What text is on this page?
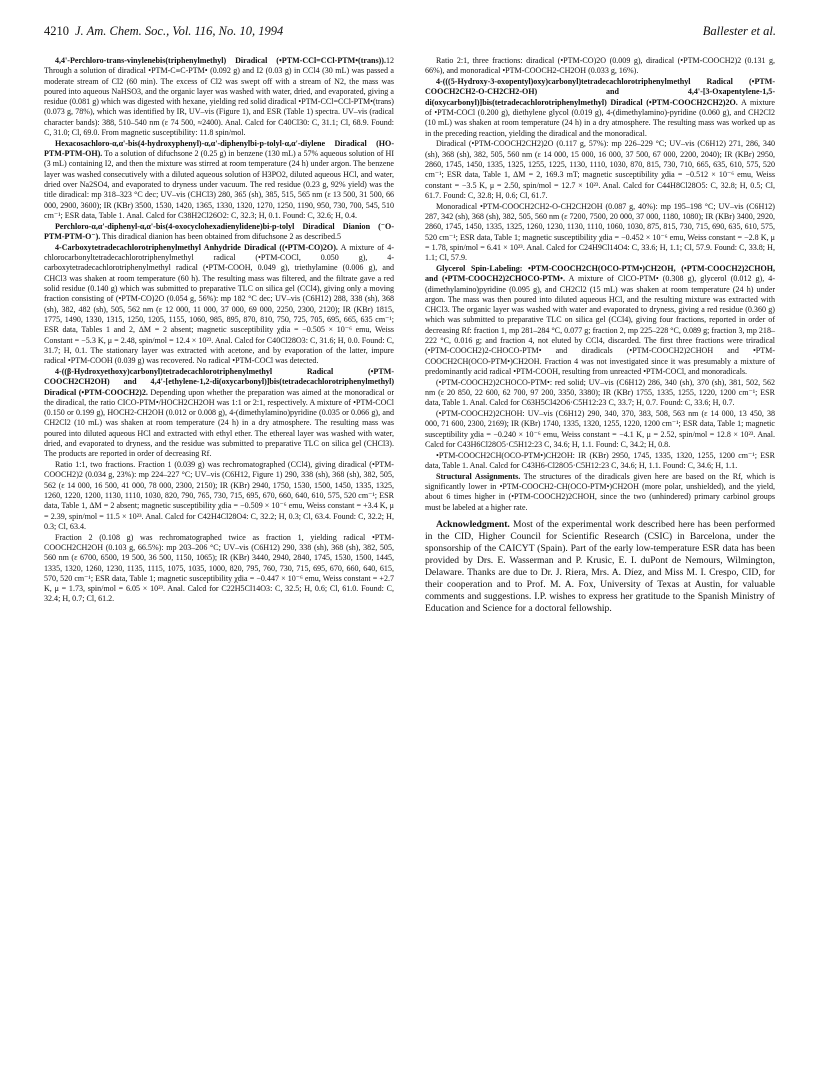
4210 J. Am. Chem. Soc., Vol. 116, No. 10, 1994	Ballester et al.

4,4'-Perchloro-trans-vinylenebis(triphenylmethyl) Diradical (•PTM-CCl=CCl-PTM•(trans)).12 Through a solution of diradical •PTM-C≡C-PTM• (0.092 g) and I2 (0.03 g) in CCl4 (30 mL) was passed a moderate stream of Cl2 (60 min). The excess of Cl2 was swept off with a stream of N2, the mass was poured into aqueous NaHSO3, and the organic layer was washed with water, dried, and evaporated, giving a residue (0.081 g) which was digested with hexane, yielding red solid diradical •PTM-CCl=CCl-PTM•(trans) (0.073 g, 78%), which was identified by IR, UV–vis (Figure 1), and ESR (Table 1) spectra. UV–vis (radical character bands): 388, 510–540 nm (ε 74 500, ≈2400). Anal. Calcd for C40Cl30: C, 31.1; Cl, 68.9. Found: C, 31.0; Cl, 69.0. From magnetic susceptibility: 11.8 spin/mol.

Hexacosachloro-α,α'-bis(4-hydroxyphenyl)-α,α'-diphenylbi-p-tolyl-α,α'-diylene Diradical (HO-PTM-PTM-OH). To a solution of difuchsone 2 (0.25 g) in benzene (130 mL) a 57% aqueous solution of HI (3 mL) containing I2, and then the mixture was stirred at room temperature (24 h) under argon. The benzene layer was washed consecutively with a diluted aqueous solution of H3PO2, diluted aqueous HCl, and water, dried over Na2SO4, and evaporated to dryness under vacuum. The red residue (0.23 g, 92% yield) was the title diradical: mp 318–323 °C dec; UV–vis (CHCl3) 280, 365 (sh), 385, 515, 565 nm (ε 13 500, 31 500, 66 000, 2900, 3600); IR (KBr) 3500, 1530, 1420, 1365, 1330, 1320, 1270, 1250, 1190, 950, 730, 700, 545, 510 cm⁻¹; ESR data, Table 1. Anal. Calcd for C38H2Cl26O2: C, 32.3; H, 0.1. Found: C, 32.6; H, 0.4.

Perchloro-α,α'-diphenyl-α,α'-bis(4-oxocyclohexadienylidene)bi-p-tolyl Diradical Dianion (⁻O-PTM-PTM-O⁻). This diradical dianion has been obtained from difuchsone 2 as described.5

4-Carboxytetradecachlorotriphenylmethyl Anhydride Diradical ((•PTM-CO)2O). A mixture of 4-chlorocarbonyltetradecachlorotriphenylmethyl radical (•PTM-COCl, 0.050 g), 4-carboxytetradecachlorotriphenylmethyl radical (•PTM-COOH, 0.049 g), triethylamine (0.006 g), and CHCl3 was shaken at room temperature (60 h). The resulting mass was filtered, and the filtrate gave a red solid residue (0.140 g) which was submitted to preparative TLC on silica gel (CCl4), giving only a moving fraction consisting of (•PTM-CO)2O (0.054 g, 56%): mp 182 °C dec; UV–vis (C6H12) 288, 338 (sh), 368 (sh), 382, 482 (sh), 505, 562 nm (ε 12 000, 11 000, 37 000, 69 000, 2250, 2300, 2120); IR (KBr) 1815, 1775, 1490, 1330, 1315, 1250, 1205, 1155, 1060, 985, 895, 870, 810, 750, 725, 705, 695, 665, 635 cm⁻¹; ESR data, Tables 1 and 2, ΔM = 2 absent; magnetic susceptibility χdia = −0.505 × 10⁻⁶ emu, Weiss Constant = −5.3 K, μ = 2.48, spin/mol = 12.4 × 10²³. Anal. Calcd for C40Cl28O3: C, 31.6; H, 0.0. Found: C, 31.7; H, 0.1. The stationary layer was extracted with acetone, and by evaporation of the latter, impure radical •PTM-COOH (0.039 g) was recovered. No radical •PTM-COCl was detected.

4-((β-Hydroxyethoxy)carbonyl)tetradecachlorotriphenylmethyl Radical (•PTM-COOCH2CH2OH) and 4,4'-[ethylene-1,2-di(oxycarbonyl)]bis(tetradecachlorotriphenylmethyl) Diradical (•PTM-COOCH2)2. Depending upon whether the preparation was aimed at the monoradical or the diradical, the ratio CICO-PTM•/HOCH2CH2OH was 1:1 or 2:1, respectively. A mixture of •PTM-COCl (0.150 or 0.199 g), HOCH2-CH2OH (0.012 or 0.008 g), 4-(dimethylamino)pyridine (0.035 or 0.066 g), and CH2Cl2 (10 mL) was shaken at room temperature (24 h) in a dry atmosphere. The resulting mass was poured into diluted aqueous HCl and extracted with ethyl ether. The ethereal layer was washed with water, dried, and evaporated to dryness, and the residue was submitted to preparative TLC on silica gel (CHCl3). The products are reported in order of decreasing Rf.

Ratio 1:1, two fractions. Fraction 1 (0.039 g) was rechromatographed (CCl4), giving diradical (•PTM-COOCH2)2 (0.034 g, 23%): mp 224–227 °C; UV–vis (C6H12, Figure 1) 290, 338 (sh), 368 (sh), 382, 505, 562 (ε 14 000, 16 500, 41 000, 78 000, 2300, 2150); IR (KBr) 2940, 1750, 1530, 1500, 1450, 1335, 1325, 1260, 1220, 1200, 1130, 1110, 1030, 820, 790, 765, 730, 715, 695, 670, 660, 640, 610, 575, 520 cm⁻¹; ESR data, Table 1, ΔM = 2 absent; magnetic susceptibility χdia = −0.509 × 10⁻⁶ emu, Weiss constant = +3.4 K, μ = 2.39, spin/mol = 11.5 × 10²³. Anal. Calcd for C42H4Cl28O4: C, 32.2; H, 0.3; Cl, 63.4. Found: C, 32.2; H, 0.3; Cl, 63.4.

Fraction 2 (0.108 g) was rechromatographed twice as fraction 1, yielding radical •PTM-COOCH2CH2OH (0.103 g, 66.5%): mp 203–206 °C; UV–vis (C6H12) 290, 338 (sh), 368 (sh), 382, 505, 560 nm (ε 6700, 6500, 19 500, 36 500, 1150, 1065); IR (KBr) 3440, 2940, 2840, 1745, 1530, 1500, 1445, 1335, 1320, 1260, 1230, 1135, 1115, 1075, 1035, 1000, 820, 795, 760, 730, 715, 695, 670, 660, 640, 615, 570, 520 cm⁻¹; ESR data, Table 1; magnetic susceptibility χdia = −0.447 × 10⁻⁶ emu, Weiss constant = +2.7 K, μ = 1.73, spin/mol = 6.05 × 10²³. Anal. Calcd for C22H5Cl14O3: C, 32.5; H, 0.6; Cl, 61.0. Found: C, 32.4; H, 0.7; Cl, 61.2.

Ratio 2:1, three fractions: diradical (•PTM-CO)2O (0.009 g), diradical (•PTM-COOCH2)2 (0.131 g, 66%), and monoradical •PTM-COOCH2-CH2OH (0.033 g, 16%).

4-(((5-Hydroxy-3-oxopentyl)oxy)carbonyl)tetradecachlorotriphenylmethyl Radical (•PTM-COOCH2CH2-O-CH2CH2-OH) and 4,4'-[3-Oxapentylene-1,5-di(oxycarbonyl)]bis(tetradecachlorotriphenylmethyl) Diradical (•PTM-COOCH2CH2)2O. A mixture of •PTM-COCl (0.200 g), diethylene glycol (0.019 g), 4-(dimethylamino)-pyridine (0.060 g), and CH2Cl2 (10 mL) was shaken at room temperature (24 h) in a dry atmosphere. The resulting mass was worked up as in the preceding reaction, yielding the diradical and the monoradical.

Diradical (•PTM-COOCH2CH2)2O (0.117 g, 57%): mp 226–229 °C; UV–vis (C6H12) 271, 286, 340 (sh), 368 (sh), 382, 505, 560 nm (ε 14 000, 15 000, 16 000, 37 500, 67 000, 2200, 2040); IR (KBr) 2950, 2860, 1745, 1450, 1335, 1325, 1255, 1225, 1130, 1110, 1030, 870, 815, 730, 710, 665, 635, 610, 575, 520 cm⁻¹; ESR data, Table 1, ΔM = 2, 169.3 mT; magnetic susceptibility χdia = −0.512 × 10⁻⁶ emu, Weiss constant = −3.5 K, μ = 2.50, spin/mol = 12.7 × 10²³. Anal. Calcd for C44H8Cl28O5: C, 32.8; H, 0.5; Cl, 61.7. Found: C, 32.8; H, 0.6; Cl, 61.7.

Monoradical •PTM-COOCH2CH2-O-CH2CH2OH (0.087 g, 40%): mp 195–198 °C; UV–vis (C6H12) 287, 342 (sh), 368 (sh), 382, 505, 560 nm (ε 7200, 7500, 20 000, 37 000, 1180, 1080); IR (KBr) 3400, 2920, 2860, 1745, 1450, 1335, 1325, 1260, 1230, 1130, 1110, 1060, 1030, 875, 815, 730, 715, 690, 635, 610, 575, 520 cm⁻¹; ESR data, Table 1; magnetic susceptibility χdia = −0.452 × 10⁻⁶ emu, Weiss constant = −2.8 K, μ = 1.78, spin/mol = 6.41 × 10²³. Anal. Calcd for C24H9Cl14O4: C, 33.6; H, 1.1; Cl, 57.9. Found: C, 33.8; H, 1.1; Cl, 57.9.

Glycerol Spin-Labeling: •PTM-COOCH2CH(OCO-PTM•)CH2OH, (•PTM-COOCH2)2CHOH, and (•PTM-COOCH2)2CHOCO-PTM•. A mixture of ClCO-PTM• (0.308 g), glycerol (0.012 g), 4-(dimethylamino)pyridine (0.095 g), and CH2Cl2 (15 mL) was shaken at room temperature (24 h) under argon. The mass was then poured into diluted aqueous HCl, and the resulting mixture was extracted with CHCl3. The organic layer was washed with water and evaporated to dryness, giving a red residue (0.360 g) which was submitted to preparative TLC on silica gel (CCl4), giving four fractions, reported in order of decreasing Rf: fraction 1, mp 281–284 °C, 0.077 g; fraction 2, mp 225–228 °C, 0.089 g; fraction 3, mp 218–222 °C, 0.016 g; and fraction 4, not eluted by CCl4, discarded. The first three fractions were triradical (•PTM-COOCH2)2-CHOCO-PTM• and diradicals (•PTM-COOCH2)2CHOH and •PTM-COOCH2CH(OCO-PTM•)CH2OH. Fraction 4 was not investigated since it was presumably a mixture of predominantly acid radical •PTM-COOH, resulting from unreacted •PTM-COCl, and monoradicals.

(•PTM-COOCH2)2CHOCO-PTM•: red solid; UV–vis (C6H12) 286, 340 (sh), 370 (sh), 381, 502, 562 nm (ε 20 850, 22 600, 62 700, 97 200, 3350, 3380); IR (KBr) 1755, 1335, 1255, 1220, 1200 cm⁻¹; ESR data, Table 1. Anal. Calcd for C63H5Cl42O6·C5H12:23 C, 33.7; H, 0.7. Found: C, 33.6; H, 0.7.

(•PTM-COOCH2)2CHOH: UV–vis (C6H12) 290, 340, 370, 383, 508, 563 nm (ε 14 000, 13 450, 38 000, 71 600, 2300, 2169); IR (KBr) 1740, 1335, 1320, 1255, 1220, 1200 cm⁻¹; ESR data, Table 1; magnetic susceptibility χdia = −0.240 × 10⁻⁶ emu, Weiss constant = −4.1 K, μ = 2.52, spin/mol = 12.8 × 10²³. Anal. Calcd for C43H6Cl28O5·C5H12:23 C, 34.6; H, 1.1. Found: C, 34.2; H, 0.8.

•PTM-COOCH2CH(OCO-PTM•)CH2OH: IR (KBr) 2950, 1745, 1335, 1320, 1255, 1200 cm⁻¹; ESR data, Table 1. Anal. Calcd for C43H6-Cl28O5·C5H12:23 C, 34.6; H, 1.1. Found: C, 34.6; H, 1.1.

Structural Assignments. The structures of the diradicals given here are based on the Rf, which is significantly lower in •PTM-COOCH2-CH(OCO-PTM•)CH2OH (more polar, unshielded), and the yield, about 6 times higher in (•PTM-COOCH2)2CHOH, since the two (unhindered) primary carbinol groups must be labeled at a higher rate.

Acknowledgment. Most of the experimental work described here has been performed in the CID, Higher Council for Scientific Research (CSIC) in Barcelona, under the sponsorship of the CAICYT (Spain). Part of the early low-temperature ESR data has been provided by Drs. E. Wasserman and P. Krusic, E. I. duPont de Nemours, Wilmington, Delaware. Thanks are due to Dr. J. Riera, Mrs. A. Díez, and Miss M. I. Crespo, CID, for their cooperation and to Prof. M. A. Fox, University of Texas at Austin, for valuable comments and suggestions. I.P. wishes to express her gratitude to the Spanish Ministry of Education and Science for a doctoral fellowship.
